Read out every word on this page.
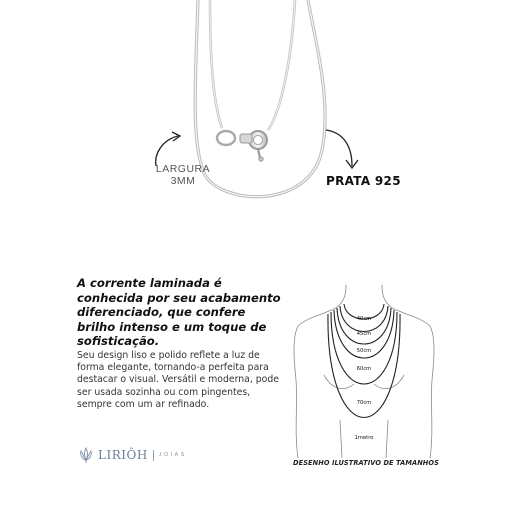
LARGURA
3MM	PRATA 925
A corrente laminada é conhecida por seu acabamento diferenciado, que confere brilho intenso e um toque de sofisticação.
Seu design liso e polido reflete a luz de forma elegante, tornando-a perfeita para destacar o visual. Versátil e moderna, pode ser usada sozinha ou com pingentes, sempre com um ar refinado.
LIRIÔH JOIAS
40cm
45cm
50cm
60cm
70cm
1metro
DESENHO ILUSTRATIVO DE TAMANHOS
